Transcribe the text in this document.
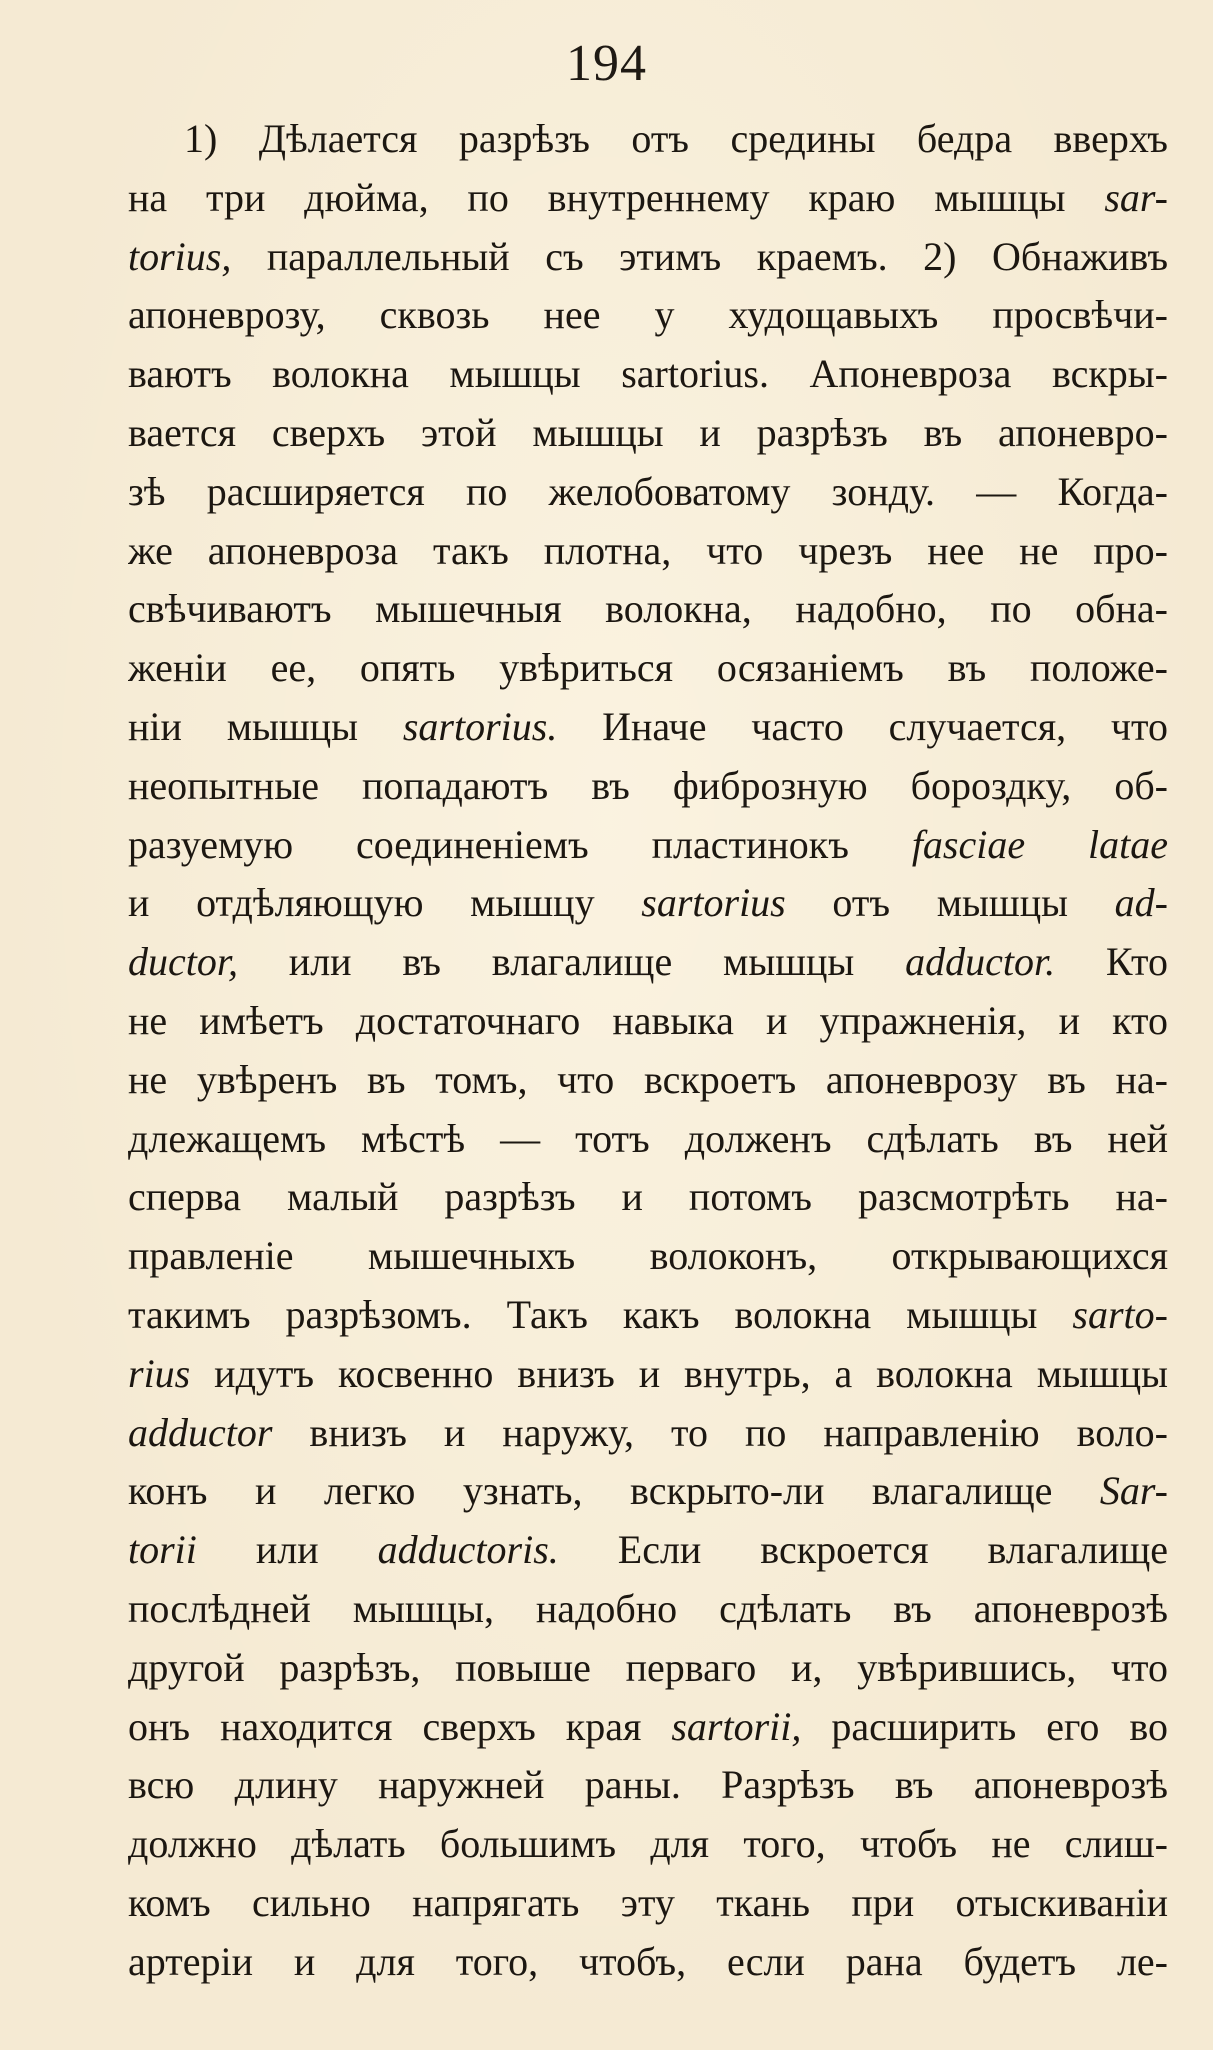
194
1) Дѣлается разрѣзъ отъ средины бедра вверхъ
на три дюйма, по внутреннему краю мышцы sar-
torius, параллельный съ этимъ краемъ. 2) Обнаживъ
апоневрозу, сквозь нее у худощавыхъ просвѣчи-
ваютъ волокна мышцы sartorius. Апоневроза вскры-
вается сверхъ этой мышцы и разрѣзъ въ апоневро-
зѣ расширяется по желобоватому зонду. — Когда-
же апоневроза такъ плотна, что чрезъ нее не про-
свѣчиваютъ мышечныя волокна, надобно, по обна-
женіи ее, опять увѣриться осязаніемъ въ положе-
ніи мышцы sartorius. Иначе часто случается, что
неопытные попадаютъ въ фиброзную бороздку, об-
разуемую соединеніемъ пластинокъ fasciae latae
и отдѣляющую мышцу sartorius отъ мышцы ad-
ductor, или въ влагалище мышцы adductor. Кто
не имѣетъ достаточнаго навыка и упражненія, и кто
не увѣренъ въ томъ, что вскроетъ апоневрозу въ на-
длежащемъ мѣстѣ — тотъ долженъ сдѣлать въ ней
сперва малый разрѣзъ и потомъ разсмотрѣть на-
правленіе мышечныхъ волоконъ, открывающихся
такимъ разрѣзомъ. Такъ какъ волокна мышцы sarto-
rius идутъ косвенно внизъ и внутрь, а волокна мышцы
adductor внизъ и наружу, то по направленію воло-
конъ и легко узнать, вскрыто-ли влагалище Sar-
torii или adductoris. Если вскроется влагалище
послѣдней мышцы, надобно сдѣлать въ апоневрозѣ
другой разрѣзъ, повыше перваго и, увѣрившись, что
онъ находится сверхъ края sartorii, расширить его во
всю длину наружней раны. Разрѣзъ въ апоневрозѣ
должно дѣлать большимъ для того, чтобъ не слиш-
комъ сильно напрягать эту ткань при отыскиваніи
артеріи и для того, чтобъ, если рана будетъ ле-
